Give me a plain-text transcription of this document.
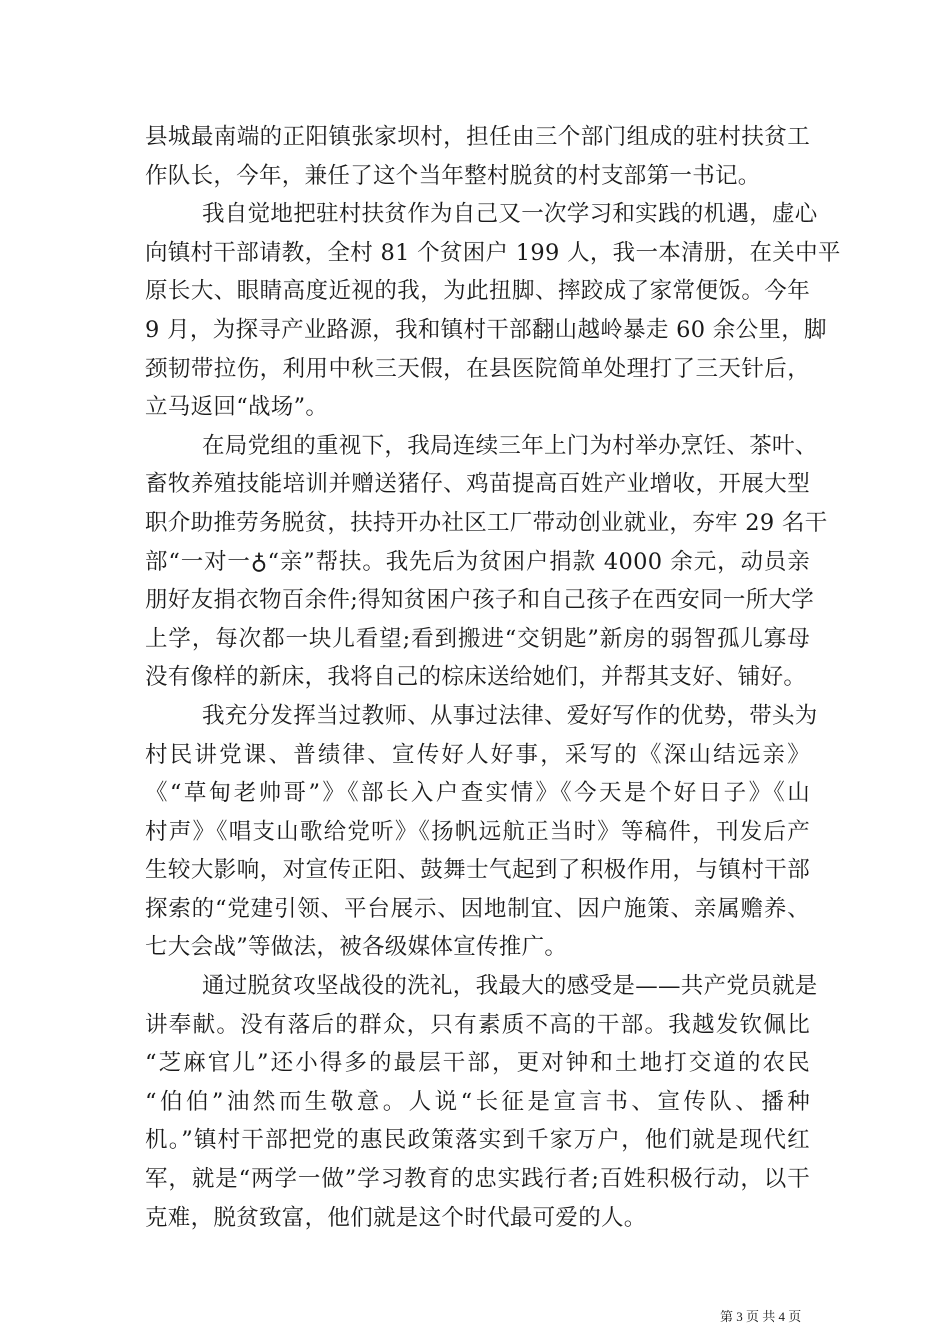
县城最南端的正阳镇张家坝村，担任由三个部门组成的驻村扶贫工
作队长，今年，兼任了这个当年整村脱贫的村支部第一书记。
我自觉地把驻村扶贫作为自己又一次学习和实践的机遇，虚心
向镇村干部请教，全村 81 个贫困户 199 人，我一本清册，在关中平
原长大、眼睛高度近视的我，为此扭脚、摔跤成了家常便饭。今年
9 月，为探寻产业路源，我和镇村干部翻山越岭暴走 60 余公里，脚
颈韧带拉伤，利用中秋三天假，在县医院简单处理打了三天针后，
立马返回“战场”。
在局党组的重视下，我局连续三年上门为村举办烹饪、茶叶、
畜牧养殖技能培训并赠送猪仔、鸡苗提高百姓产业增收，开展大型
职介助推劳务脱贫，扶持开办社区工厂带动创业就业，夯牢 29 名干
部“一对一♁“亲”帮扶。我先后为贫困户捐款 4000 余元，动员亲
朋好友捐衣物百余件;得知贫困户孩子和自己孩子在西安同一所大学
上学，每次都一块儿看望;看到搬进“交钥匙”新房的弱智孤儿寡母
没有像样的新床，我将自己的棕床送给她们，并帮其支好、铺好。
我充分发挥当过教师、从事过法律、爱好写作的优势，带头为
村民讲党课、普绩律、宣传好人好事，采写的《深山结远亲》
《“草甸老帅哥”》《部长入户查实情》《今天是个好日子》《山
村声》《唱支山歌给党听》《扬帆远航正当时》等稿件，刊发后产
生较大影响，对宣传正阳、鼓舞士气起到了积极作用，与镇村干部
探索的“党建引领、平台展示、因地制宜、因户施策、亲属赡养、
七大会战”等做法，被各级媒体宣传推广。
通过脱贫攻坚战役的洗礼，我最大的感受是——共产党员就是
讲奉献。没有落后的群众，只有素质不高的干部。我越发钦佩比
“芝麻官儿”还小得多的最层干部，更对钟和土地打交道的农民
“伯伯”油然而生敬意。人说“长征是宣言书、宣传队、播种
机。”镇村干部把党的惠民政策落实到千家万户，他们就是现代红
军，就是“两学一做”学习教育的忠实践行者;百姓积极行动，以干
克难，脱贫致富，他们就是这个时代最可爱的人。
第 3 页 共 4 页
